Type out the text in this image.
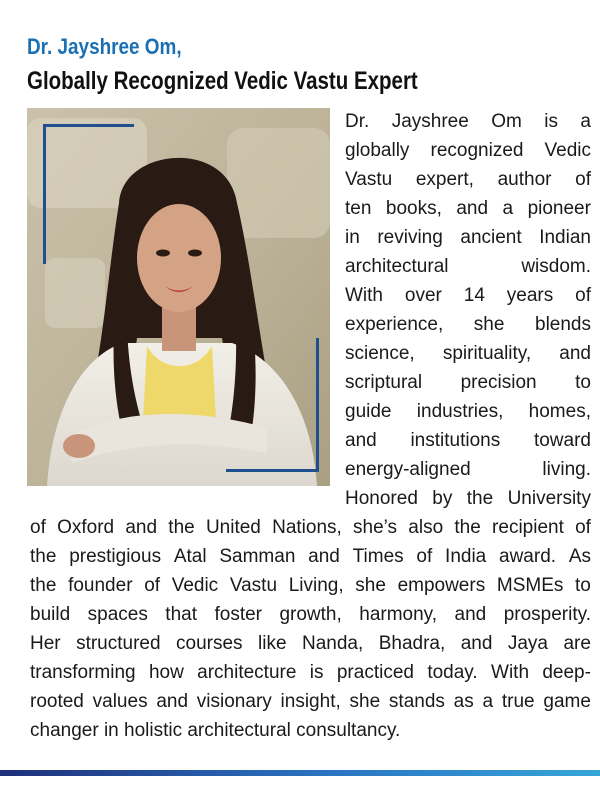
Dr. Jayshree Om,
Globally Recognized Vedic Vastu Expert
Dr. Jayshree Om is a
globally recognized Vedic
Vastu expert, author of
ten books, and a pioneer
in reviving ancient Indian
architectural	wisdom.
With over 14 years of
experience, she blends
science, spirituality, and
scriptural precision to
guide industries, homes,
and institutions toward
energy-aligned	living.
Honored by the University
of Oxford and the United Nations, she’s also the recipient of
the prestigious Atal Samman and Times of India award. As
the founder of Vedic Vastu Living, she empowers MSMEs to
build spaces that foster growth, harmony, and prosperity.
Her structured courses like Nanda, Bhadra, and Jaya are
transforming how architecture is practiced today. With deep-
rooted values and visionary insight, she stands as a true game
changer in holistic architectural consultancy.
